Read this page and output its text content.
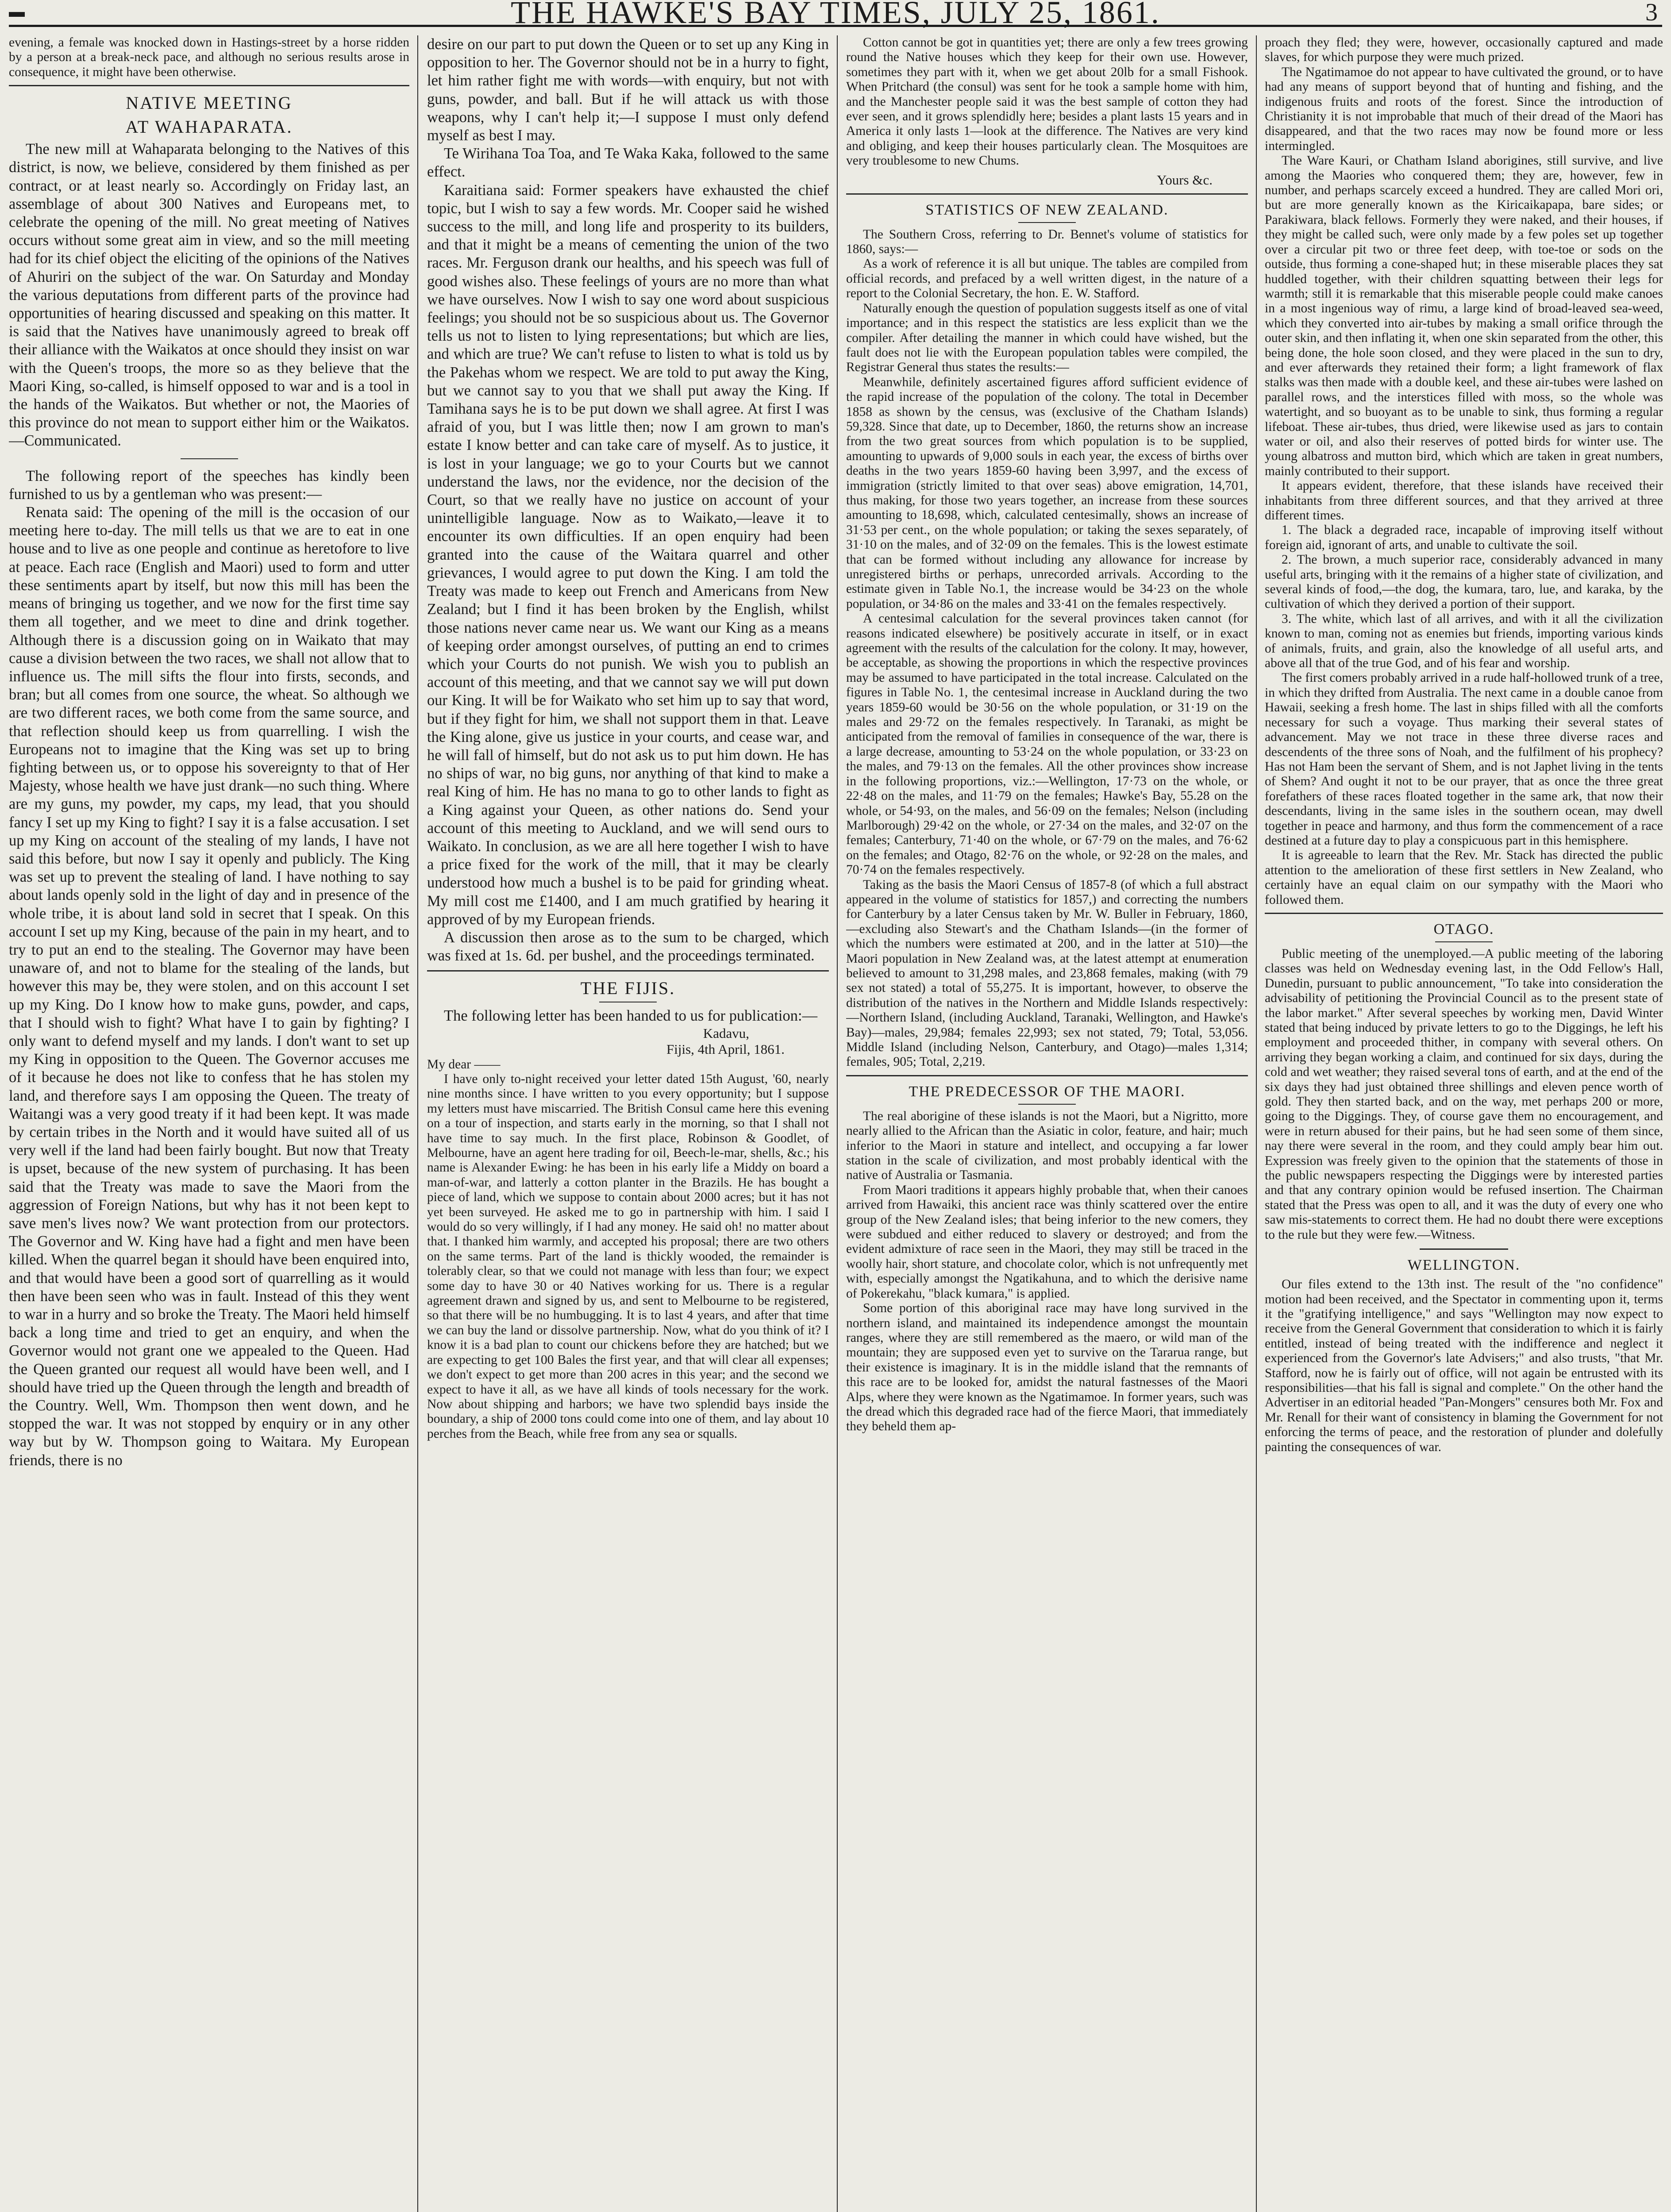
▬	THE HAWKE'S BAY TIMES, JULY 25, 1861.	3

evening, a female was knocked down in Hastings-street by a horse ridden by a person at a break-neck pace, and although no serious results arose in consequence, it might have been otherwise.

NATIVE MEETING
AT WAHAPARATA.

The new mill at Wahaparata belonging to the Natives of this district, is now, we believe, considered by them finished as per contract, or at least nearly so. Accordingly on Friday last, an assemblage of about 300 Natives and Europeans met, to celebrate the opening of the mill. No great meeting of Natives occurs without some great aim in view, and so the mill meeting had for its chief object the eliciting of the opinions of the Natives of Ahuriri on the subject of the war. On Saturday and Monday the various deputations from different parts of the province had opportunities of hearing discussed and speaking on this matter. It is said that the Natives have unanimously agreed to break off their alliance with the Waikatos at once should they insist on war with the Queen's troops, the more so as they believe that the Maori King, so-called, is himself opposed to war and is a tool in the hands of the Waikatos. But whether or not, the Maories of this province do not mean to support either him or the Waikatos.—Communicated.

The following report of the speeches has kindly been furnished to us by a gentleman who was present:—

Renata said: The opening of the mill is the occasion of our meeting here to-day. The mill tells us that we are to eat in one house and to live as one people and continue as heretofore to live at peace. Each race (English and Maori) used to form and utter these sentiments apart by itself, but now this mill has been the means of bringing us together, and we now for the first time say them all together, and we meet to dine and drink together. Although there is a discussion going on in Waikato that may cause a division between the two races, we shall not allow that to influence us. The mill sifts the flour into firsts, seconds, and bran; but all comes from one source, the wheat. So although we are two different races, we both come from the same source, and that reflection should keep us from quarrelling. I wish the Europeans not to imagine that the King was set up to bring fighting between us, or to oppose his sovereignty to that of Her Majesty, whose health we have just drank—no such thing. Where are my guns, my powder, my caps, my lead, that you should fancy I set up my King to fight? I say it is a false accusation. I set up my King on account of the stealing of my lands, I have not said this before, but now I say it openly and publicly. The King was set up to prevent the stealing of land. I have nothing to say about lands openly sold in the light of day and in presence of the whole tribe, it is about land sold in secret that I speak. On this account I set up my King, because of the pain in my heart, and to try to put an end to the stealing. The Governor may have been unaware of, and not to blame for the stealing of the lands, but however this may be, they were stolen, and on this account I set up my King. Do I know how to make guns, powder, and caps, that I should wish to fight? What have I to gain by fighting? I only want to defend myself and my lands. I don't want to set up my King in opposition to the Queen. The Governor accuses me of it because he does not like to confess that he has stolen my land, and therefore says I am opposing the Queen. The treaty of Waitangi was a very good treaty if it had been kept. It was made by certain tribes in the North and it would have suited all of us very well if the land had been fairly bought. But now that Treaty is upset, because of the new system of purchasing. It has been said that the Treaty was made to save the Maori from the aggression of Foreign Nations, but why has it not been kept to save men's lives now? We want protection from our protectors. The Governor and W. King have had a fight and men have been killed. When the quarrel began it should have been enquired into, and that would have been a good sort of quarrelling as it would then have been seen who was in fault. Instead of this they went to war in a hurry and so broke the Treaty. The Maori held himself back a long time and tried to get an enquiry, and when the Governor would not grant one we appealed to the Queen. Had the Queen granted our request all would have been well, and I should have tried up the Queen through the length and breadth of the Country. Well, Wm. Thompson then went down, and he stopped the war. It was not stopped by enquiry or in any other way but by W. Thompson going to Waitara. My European friends, there is no

desire on our part to put down the Queen or to set up any King in opposition to her. The Governor should not be in a hurry to fight, let him rather fight me with words—with enquiry, but not with guns, powder, and ball. But if he will attack us with those weapons, why I can't help it;—I suppose I must only defend myself as best I may.

Te Wirihana Toa Toa, and Te Waka Kaka, followed to the same effect.

Karaitiana said: Former speakers have exhausted the chief topic, but I wish to say a few words. Mr. Cooper said he wished success to the mill, and long life and prosperity to its builders, and that it might be a means of cementing the union of the two races. Mr. Ferguson drank our healths, and his speech was full of good wishes also. These feelings of yours are no more than what we have ourselves. Now I wish to say one word about suspicious feelings; you should not be so suspicious about us. The Governor tells us not to listen to lying representations; but which are lies, and which are true? We can't refuse to listen to what is told us by the Pakehas whom we respect. We are told to put away the King, but we cannot say to you that we shall put away the King. If Tamihana says he is to be put down we shall agree. At first I was afraid of you, but I was little then; now I am grown to man's estate I know better and can take care of myself. As to justice, it is lost in your language; we go to your Courts but we cannot understand the laws, nor the evidence, nor the decision of the Court, so that we really have no justice on account of your unintelligible language. Now as to Waikato,—leave it to encounter its own difficulties. If an open enquiry had been granted into the cause of the Waitara quarrel and other grievances, I would agree to put down the King. I am told the Treaty was made to keep out French and Americans from New Zealand; but I find it has been broken by the English, whilst those nations never came near us. We want our King as a means of keeping order amongst ourselves, of putting an end to crimes which your Courts do not punish. We wish you to publish an account of this meeting, and that we cannot say we will put down our King. It will be for Waikato who set him up to say that word, but if they fight for him, we shall not support them in that. Leave the King alone, give us justice in your courts, and cease war, and he will fall of himself, but do not ask us to put him down. He has no ships of war, no big guns, nor anything of that kind to make a real King of him. He has no mana to go to other lands to fight as a King against your Queen, as other nations do. Send your account of this meeting to Auckland, and we will send ours to Waikato. In conclusion, as we are all here together I wish to have a price fixed for the work of the mill, that it may be clearly understood how much a bushel is to be paid for grinding wheat. My mill cost me £1400, and I am much gratified by hearing it approved of by my European friends.

A discussion then arose as to the sum to be charged, which was fixed at 1s. 6d. per bushel, and the proceedings terminated.

THE FIJIS.

The following letter has been handed to us for publication:—

Kadavu,
Fijis, 4th April, 1861.

My dear ——

I have only to-night received your letter dated 15th August, '60, nearly nine months since. I have written to you every opportunity; but I suppose my letters must have miscarried. The British Consul came here this evening on a tour of inspection, and starts early in the morning, so that I shall not have time to say much. In the first place, Robinson & Goodlet, of Melbourne, have an agent here trading for oil, Beech-le-mar, shells, &c.; his name is Alexander Ewing: he has been in his early life a Middy on board a man-of-war, and latterly a cotton planter in the Brazils. He has bought a piece of land, which we suppose to contain about 2000 acres; but it has not yet been surveyed. He asked me to go in partnership with him. I said I would do so very willingly, if I had any money. He said oh! no matter about that. I thanked him warmly, and accepted his proposal; there are two others on the same terms. Part of the land is thickly wooded, the remainder is tolerably clear, so that we could not manage with less than four; we expect some day to have 30 or 40 Natives working for us. There is a regular agreement drawn and signed by us, and sent to Melbourne to be registered, so that there will be no humbugging. It is to last 4 years, and after that time we can buy the land or dissolve partnership. Now, what do you think of it? I know it is a bad plan to count our chickens before they are hatched; but we are expecting to get 100 Bales the first year, and that will clear all expenses; we don't expect to get more than 200 acres in this year; and the second we expect to have it all, as we have all kinds of tools necessary for the work. Now about shipping and harbors; we have two splendid bays inside the boundary, a ship of 2000 tons could come into one of them, and lay about 10 perches from the Beach, while free from any sea or squalls.

Cotton cannot be got in quantities yet; there are only a few trees growing round the Native houses which they keep for their own use. However, sometimes they part with it, when we get about 20lb for a small Fishook. When Pritchard (the consul) was sent for he took a sample home with him, and the Manchester people said it was the best sample of cotton they had ever seen, and it grows splendidly here; besides a plant lasts 15 years and in America it only lasts 1—look at the difference. The Natives are very kind and obliging, and keep their houses particularly clean. The Mosquitoes are very troublesome to new Chums.

Yours &c.
STATISTICS OF NEW ZEALAND.

The Southern Cross, referring to Dr. Bennet's volume of statistics for 1860, says:—

As a work of reference it is all but unique. The tables are compiled from official records, and prefaced by a well written digest, in the nature of a report to the Colonial Secretary, the hon. E. W. Stafford.

Naturally enough the question of population suggests itself as one of vital importance; and in this respect the statistics are less explicit than we the compiler. After detailing the manner in which could have wished, but the fault does not lie with the European population tables were compiled, the Registrar General thus states the results:—

Meanwhile, definitely ascertained figures afford sufficient evidence of the rapid increase of the population of the colony. The total in December 1858 as shown by the census, was (exclusive of the Chatham Islands) 59,328. Since that date, up to December, 1860, the returns show an increase from the two great sources from which population is to be supplied, amounting to upwards of 9,000 souls in each year, the excess of births over deaths in the two years 1859-60 having been 3,997, and the excess of immigration (strictly limited to that over seas) above emigration, 14,701, thus making, for those two years together, an increase from these sources amounting to 18,698, which, calculated centesimally, shows an increase of 31·53 per cent., on the whole population; or taking the sexes separately, of 31·10 on the males, and of 32·09 on the females. This is the lowest estimate that can be formed without including any allowance for increase by unregistered births or perhaps, unrecorded arrivals. According to the estimate given in Table No.1, the increase would be 34·23 on the whole population, or 34·86 on the males and 33·41 on the females respectively.

A centesimal calculation for the several provinces taken cannot (for reasons indicated elsewhere) be positively accurate in itself, or in exact agreement with the results of the calculation for the colony. It may, however, be acceptable, as showing the proportions in which the respective provinces may be assumed to have participated in the total increase. Calculated on the figures in Table No. 1, the centesimal increase in Auckland during the two years 1859-60 would be 30·56 on the whole population, or 31·19 on the males and 29·72 on the females respectively. In Taranaki, as might be anticipated from the removal of families in consequence of the war, there is a large decrease, amounting to 53·24 on the whole population, or 33·23 on the males, and 79·13 on the females. All the other provinces show increase in the following proportions, viz.:—Wellington, 17·73 on the whole, or 22·48 on the males, and 11·79 on the females; Hawke's Bay, 55.28 on the whole, or 54·93, on the males, and 56·09 on the females; Nelson (including Marlborough) 29·42 on the whole, or 27·34 on the males, and 32·07 on the females; Canterbury, 71·40 on the whole, or 67·79 on the males, and 76·62 on the females; and Otago, 82·76 on the whole, or 92·28 on the males, and 70·74 on the females respectively.

Taking as the basis the Maori Census of 1857-8 (of which a full abstract appeared in the volume of statistics for 1857,) and correcting the numbers for Canterbury by a later Census taken by Mr. W. Buller in February, 1860,—excluding also Stewart's and the Chatham Islands—(in the former of which the numbers were estimated at 200, and in the latter at 510)—the Maori population in New Zealand was, at the latest attempt at enumeration believed to amount to 31,298 males, and 23,868 females, making (with 79 sex not stated) a total of 55,275. It is important, however, to observe the distribution of the natives in the Northern and Middle Islands respectively:—Northern Island, (including Auckland, Taranaki, Wellington, and Hawke's Bay)—males, 29,984; females 22,993; sex not stated, 79; Total, 53,056. Middle Island (including Nelson, Canterbury, and Otago)—males 1,314; females, 905; Total, 2,219.

THE PREDECESSOR OF THE MAORI.

The real aborigine of these islands is not the Maori, but a Nigritto, more nearly allied to the African than the Asiatic in color, feature, and hair; much inferior to the Maori in stature and intellect, and occupying a far lower station in the scale of civilization, and most probably identical with the native of Australia or Tasmania.

From Maori traditions it appears highly probable that, when their canoes arrived from Hawaiki, this ancient race was thinly scattered over the entire group of the New Zealand isles; that being inferior to the new comers, they were subdued and either reduced to slavery or destroyed; and from the evident admixture of race seen in the Maori, they may still be traced in the woolly hair, short stature, and chocolate color, which is not unfrequently met with, especially amongst the Ngatikahuna, and to which the derisive name of Pokerekahu, "black kumara," is applied.

Some portion of this aboriginal race may have long survived in the northern island, and maintained its independence amongst the mountain ranges, where they are still remembered as the maero, or wild man of the mountain; they are supposed even yet to survive on the Tararua range, but their existence is imaginary. It is in the middle island that the remnants of this race are to be looked for, amidst the natural fastnesses of the Maori Alps, where they were known as the Ngatimamoe. In former years, such was the dread which this degraded race had of the fierce Maori, that immediately they beheld them ap-

proach they fled; they were, however, occasionally captured and made slaves, for which purpose they were much prized.

The Ngatimamoe do not appear to have cultivated the ground, or to have had any means of support beyond that of hunting and fishing, and the indigenous fruits and roots of the forest. Since the introduction of Christianity it is not improbable that much of their dread of the Maori has disappeared, and that the two races may now be found more or less intermingled.

The Ware Kauri, or Chatham Island aborigines, still survive, and live among the Maories who conquered them; they are, however, few in number, and perhaps scarcely exceed a hundred. They are called Mori ori, but are more generally known as the Kiricaikapapa, bare sides; or Parakiwara, black fellows. Formerly they were naked, and their houses, if they might be called such, were only made by a few poles set up together over a circular pit two or three feet deep, with toe-toe or sods on the outside, thus forming a cone-shaped hut; in these miserable places they sat huddled together, with their children squatting between their legs for warmth; still it is remarkable that this miserable people could make canoes in a most ingenious way of rimu, a large kind of broad-leaved sea-weed, which they converted into air-tubes by making a small orifice through the outer skin, and then inflating it, when one skin separated from the other, this being done, the hole soon closed, and they were placed in the sun to dry, and ever afterwards they retained their form; a light framework of flax stalks was then made with a double keel, and these air-tubes were lashed on parallel rows, and the interstices filled with moss, so the whole was watertight, and so buoyant as to be unable to sink, thus forming a regular lifeboat. These air-tubes, thus dried, were likewise used as jars to contain water or oil, and also their reserves of potted birds for winter use. The young albatross and mutton bird, which which are taken in great numbers, mainly contributed to their support.

It appears evident, therefore, that these islands have received their inhabitants from three different sources, and that they arrived at three different times.

1. The black a degraded race, incapable of improving itself without foreign aid, ignorant of arts, and unable to cultivate the soil.

2. The brown, a much superior race, considerably advanced in many useful arts, bringing with it the remains of a higher state of civilization, and several kinds of food,—the dog, the kumara, taro, lue, and karaka, by the cultivation of which they derived a portion of their support.

3. The white, which last of all arrives, and with it all the civilization known to man, coming not as enemies but friends, importing various kinds of animals, fruits, and grain, also the knowledge of all useful arts, and above all that of the true God, and of his fear and worship.

The first comers probably arrived in a rude half-hollowed trunk of a tree, in which they drifted from Australia. The next came in a double canoe from Hawaii, seeking a fresh home. The last in ships filled with all the comforts necessary for such a voyage. Thus marking their several states of advancement. May we not trace in these three diverse races and descendents of the three sons of Noah, and the fulfilment of his prophecy? Has not Ham been the servant of Shem, and is not Japhet living in the tents of Shem? And ought it not to be our prayer, that as once the three great forefathers of these races floated together in the same ark, that now their descendants, living in the same isles in the southern ocean, may dwell together in peace and harmony, and thus form the commencement of a race destined at a future day to play a conspicuous part in this hemisphere.

It is agreeable to learn that the Rev. Mr. Stack has directed the public attention to the amelioration of these first settlers in New Zealand, who certainly have an equal claim on our sympathy with the Maori who followed them.

OTAGO.

Public meeting of the unemployed.—A public meeting of the laboring classes was held on Wednesday evening last, in the Odd Fellow's Hall, Dunedin, pursuant to public announcement, "To take into consideration the advisability of petitioning the Provincial Council as to the present state of the labor market." After several speeches by working men, David Winter stated that being induced by private letters to go to the Diggings, he left his employment and proceeded thither, in company with several others. On arriving they began working a claim, and continued for six days, during the cold and wet weather; they raised several tons of earth, and at the end of the six days they had just obtained three shillings and eleven pence worth of gold. They then started back, and on the way, met perhaps 200 or more, going to the Diggings. They, of course gave them no encouragement, and were in return abused for their pains, but he had seen some of them since, nay there were several in the room, and they could amply bear him out. Expression was freely given to the opinion that the statements of those in the public newspapers respecting the Diggings were by interested parties and that any contrary opinion would be refused insertion. The Chairman stated that the Press was open to all, and it was the duty of every one who saw mis-statements to correct them. He had no doubt there were exceptions to the rule but they were few.—Witness.

WELLINGTON.

Our files extend to the 13th inst. The result of the "no confidence" motion had been received, and the Spectator in commenting upon it, terms it the "gratifying intelligence," and says "Wellington may now expect to receive from the General Government that consideration to which it is fairly entitled, instead of being treated with the indifference and neglect it experienced from the Governor's late Advisers;" and also trusts, "that Mr. Stafford, now he is fairly out of office, will not again be entrusted with its responsibilities—that his fall is signal and complete." On the other hand the Advertiser in an editorial headed "Pan-Mongers" censures both Mr. Fox and Mr. Renall for their want of consistency in blaming the Government for not enforcing the terms of peace, and the restoration of plunder and dolefully painting the consequences of war.
